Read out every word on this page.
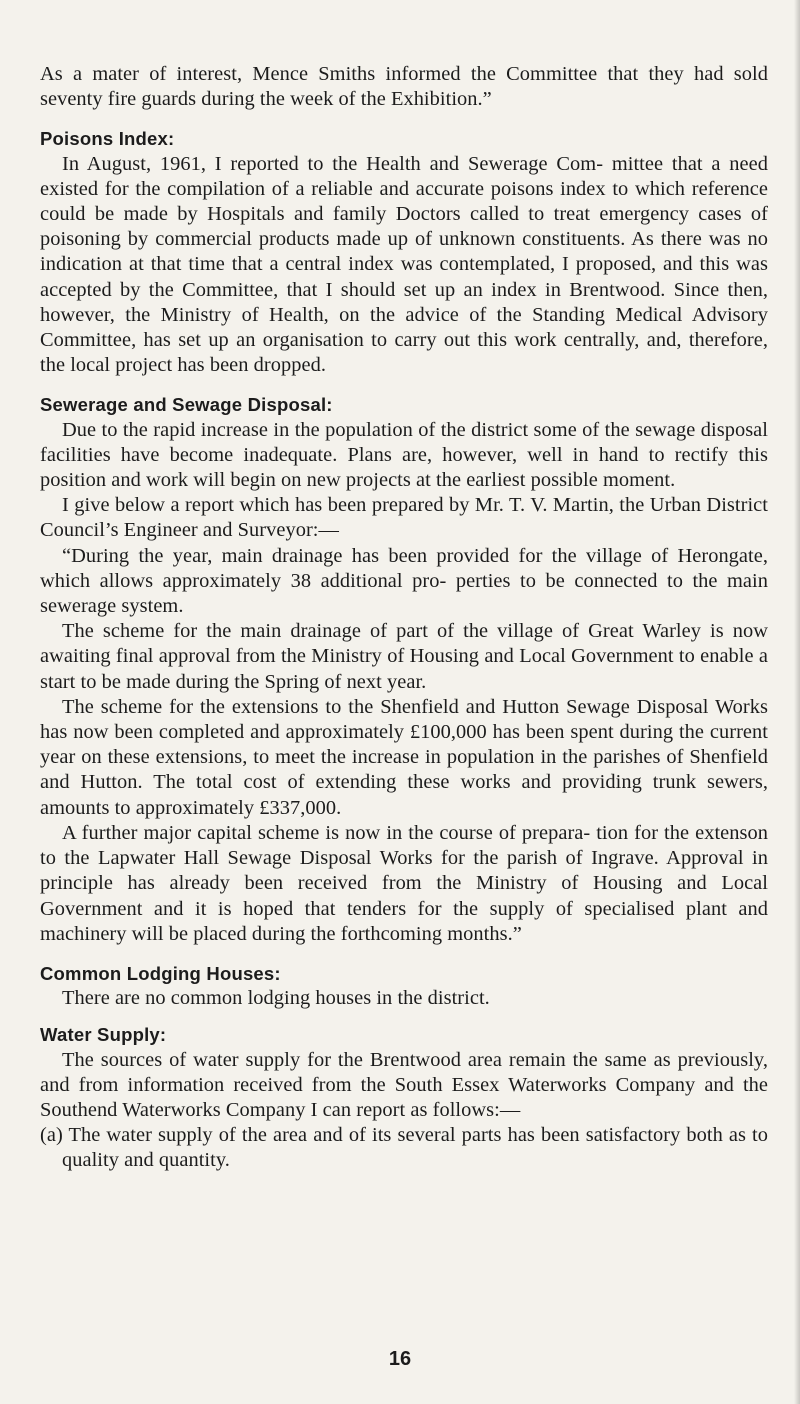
As a mater of interest, Mence Smiths informed the Committee that they had sold seventy fire guards during the week of the Exhibition.”

Poisons Index:

In August, 1961, I reported to the Health and Sewerage Com- mittee that a need existed for the compilation of a reliable and accurate poisons index to which reference could be made by Hospitals and family Doctors called to treat emergency cases of poisoning by commercial products made up of unknown constituents. As there was no indication at that time that a central index was contemplated, I proposed, and this was accepted by the Committee, that I should set up an index in Brentwood. Since then, however, the Ministry of Health, on the advice of the Standing Medical Advisory Committee, has set up an organisation to carry out this work centrally, and, therefore, the local project has been dropped.

Sewerage and Sewage Disposal:

Due to the rapid increase in the population of the district some of the sewage disposal facilities have become inadequate. Plans are, however, well in hand to rectify this position and work will begin on new projects at the earliest possible moment.

I give below a report which has been prepared by Mr. T. V. Martin, the Urban District Council’s Engineer and Surveyor:—

“During the year, main drainage has been provided for the village of Herongate, which allows approximately 38 additional pro- perties to be connected to the main sewerage system.

The scheme for the main drainage of part of the village of Great Warley is now awaiting final approval from the Ministry of Housing and Local Government to enable a start to be made during the Spring of next year.

The scheme for the extensions to the Shenfield and Hutton Sewage Disposal Works has now been completed and approximately £100,000 has been spent during the current year on these extensions, to meet the increase in population in the parishes of Shenfield and Hutton. The total cost of extending these works and providing trunk sewers, amounts to approximately £337,000.

A further major capital scheme is now in the course of prepara- tion for the extenson to the Lapwater Hall Sewage Disposal Works for the parish of Ingrave. Approval in principle has already been received from the Ministry of Housing and Local Government and it is hoped that tenders for the supply of specialised plant and machinery will be placed during the forthcoming months.”

Common Lodging Houses:

There are no common lodging houses in the district.

Water Supply:

The sources of water supply for the Brentwood area remain the same as previously, and from information received from the South Essex Waterworks Company and the Southend Waterworks Company I can report as follows:—

(a) The water supply of the area and of its several parts has been satisfactory both as to quality and quantity.

16
